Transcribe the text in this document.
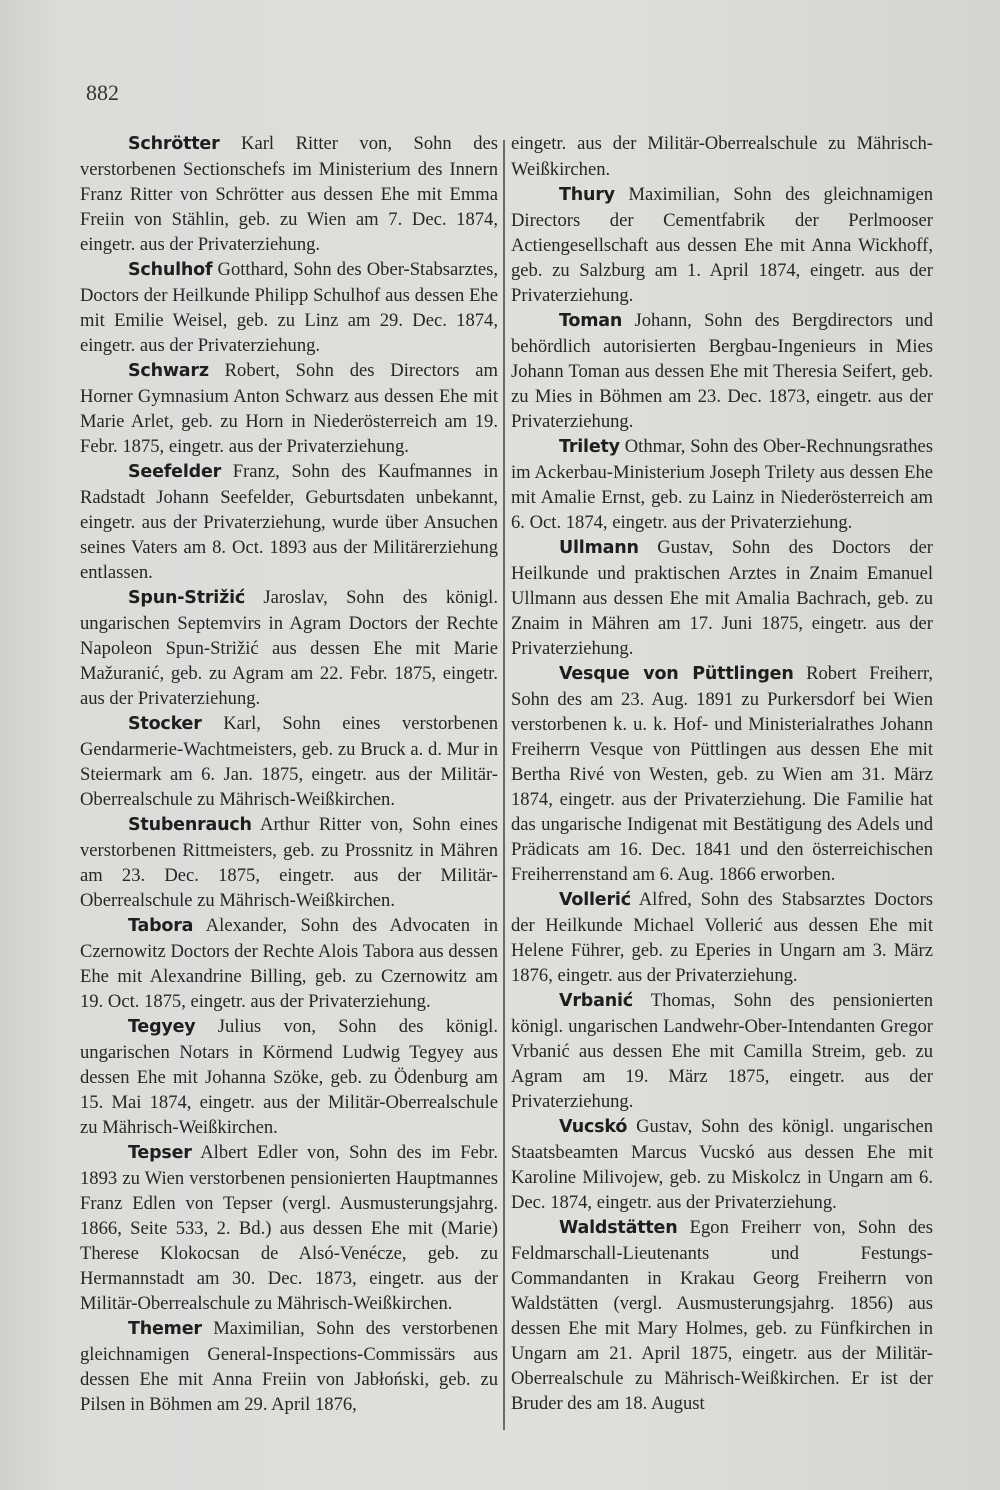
882

Schrötter Karl Ritter von, Sohn des verstorbenen Sectionschefs im Ministerium des Innern Franz Ritter von Schrötter aus dessen Ehe mit Emma Freiin von Stählin, geb. zu Wien am 7. Dec. 1874, eingetr. aus der Privaterziehung.

Schulhof Gotthard, Sohn des Ober-Stabsarztes, Doctors der Heilkunde Philipp Schulhof aus dessen Ehe mit Emilie Weisel, geb. zu Linz am 29. Dec. 1874, eingetr. aus der Privaterziehung.

Schwarz Robert, Sohn des Directors am Horner Gymnasium Anton Schwarz aus dessen Ehe mit Marie Arlet, geb. zu Horn in Niederösterreich am 19. Febr. 1875, eingetr. aus der Privaterziehung.

Seefelder Franz, Sohn des Kaufmannes in Radstadt Johann Seefelder, Geburtsdaten unbekannt, eingetr. aus der Privaterziehung, wurde über Ansuchen seines Vaters am 8. Oct. 1893 aus der Militärerziehung entlassen.

Spun-Strižić Jaroslav, Sohn des königl. ungarischen Septemvirs in Agram Doctors der Rechte Napoleon Spun-Strižić aus dessen Ehe mit Marie Mažuranić, geb. zu Agram am 22. Febr. 1875, eingetr. aus der Privaterziehung.

Stocker Karl, Sohn eines verstorbenen Gendarmerie-Wachtmeisters, geb. zu Bruck a. d. Mur in Steiermark am 6. Jan. 1875, eingetr. aus der Militär-Oberrealschule zu Mährisch-Weißkirchen.

Stubenrauch Arthur Ritter von, Sohn eines verstorbenen Rittmeisters, geb. zu Prossnitz in Mähren am 23. Dec. 1875, eingetr. aus der Militär-Oberrealschule zu Mährisch-Weißkirchen.

Tabora Alexander, Sohn des Advocaten in Czernowitz Doctors der Rechte Alois Tabora aus dessen Ehe mit Alexandrine Billing, geb. zu Czernowitz am 19. Oct. 1875, eingetr. aus der Privaterziehung.

Tegyey Julius von, Sohn des königl. ungarischen Notars in Körmend Ludwig Tegyey aus dessen Ehe mit Johanna Szöke, geb. zu Ödenburg am 15. Mai 1874, eingetr. aus der Militär-Oberrealschule zu Mährisch-Weißkirchen.

Tepser Albert Edler von, Sohn des im Febr. 1893 zu Wien verstorbenen pensionierten Hauptmannes Franz Edlen von Tepser (vergl. Ausmusterungsjahrg. 1866, Seite 533, 2. Bd.) aus dessen Ehe mit (Marie) Therese Klokocsan de Alsó-Venécze, geb. zu Hermannstadt am 30. Dec. 1873, eingetr. aus der Militär-Oberrealschule zu Mährisch-Weißkirchen.

Themer Maximilian, Sohn des verstorbenen gleichnamigen General-Inspections-Commissärs aus dessen Ehe mit Anna Freiin von Jabłoński, geb. zu Pilsen in Böhmen am 29. April 1876,

eingetr. aus der Militär-Oberrealschule zu Mährisch-Weißkirchen.

Thury Maximilian, Sohn des gleichnamigen Directors der Cementfabrik der Perlmooser Actiengesellschaft aus dessen Ehe mit Anna Wickhoff, geb. zu Salzburg am 1. April 1874, eingetr. aus der Privaterziehung.

Toman Johann, Sohn des Bergdirectors und behördlich autorisierten Bergbau-Ingenieurs in Mies Johann Toman aus dessen Ehe mit Theresia Seifert, geb. zu Mies in Böhmen am 23. Dec. 1873, eingetr. aus der Privaterziehung.

Trilety Othmar, Sohn des Ober-Rechnungsrathes im Ackerbau-Ministerium Joseph Trilety aus dessen Ehe mit Amalie Ernst, geb. zu Lainz in Niederösterreich am 6. Oct. 1874, eingetr. aus der Privaterziehung.

Ullmann Gustav, Sohn des Doctors der Heilkunde und praktischen Arztes in Znaim Emanuel Ullmann aus dessen Ehe mit Amalia Bachrach, geb. zu Znaim in Mähren am 17. Juni 1875, eingetr. aus der Privaterziehung.

Vesque von Püttlingen Robert Freiherr, Sohn des am 23. Aug. 1891 zu Purkersdorf bei Wien verstorbenen k. u. k. Hof- und Ministerialrathes Johann Freiherrn Vesque von Püttlingen aus dessen Ehe mit Bertha Rivé von Westen, geb. zu Wien am 31. März 1874, eingetr. aus der Privaterziehung. Die Familie hat das ungarische Indigenat mit Bestätigung des Adels und Prädicats am 16. Dec. 1841 und den österreichischen Freiherrenstand am 6. Aug. 1866 erworben.

Vollerić Alfred, Sohn des Stabsarztes Doctors der Heilkunde Michael Vollerić aus dessen Ehe mit Helene Führer, geb. zu Eperies in Ungarn am 3. März 1876, eingetr. aus der Privaterziehung.

Vrbanić Thomas, Sohn des pensionierten königl. ungarischen Landwehr-Ober-Intendanten Gregor Vrbanić aus dessen Ehe mit Camilla Streim, geb. zu Agram am 19. März 1875, eingetr. aus der Privaterziehung.

Vucskó Gustav, Sohn des königl. ungarischen Staatsbeamten Marcus Vucskó aus dessen Ehe mit Karoline Milivojew, geb. zu Miskolcz in Ungarn am 6. Dec. 1874, eingetr. aus der Privaterziehung.

Waldstätten Egon Freiherr von, Sohn des Feldmarschall-Lieutenants und Festungs-Commandanten in Krakau Georg Freiherrn von Waldstätten (vergl. Ausmusterungsjahrg. 1856) aus dessen Ehe mit Mary Holmes, geb. zu Fünfkirchen in Ungarn am 21. April 1875, eingetr. aus der Militär-Oberrealschule zu Mährisch-Weißkirchen. Er ist der Bruder des am 18. August
